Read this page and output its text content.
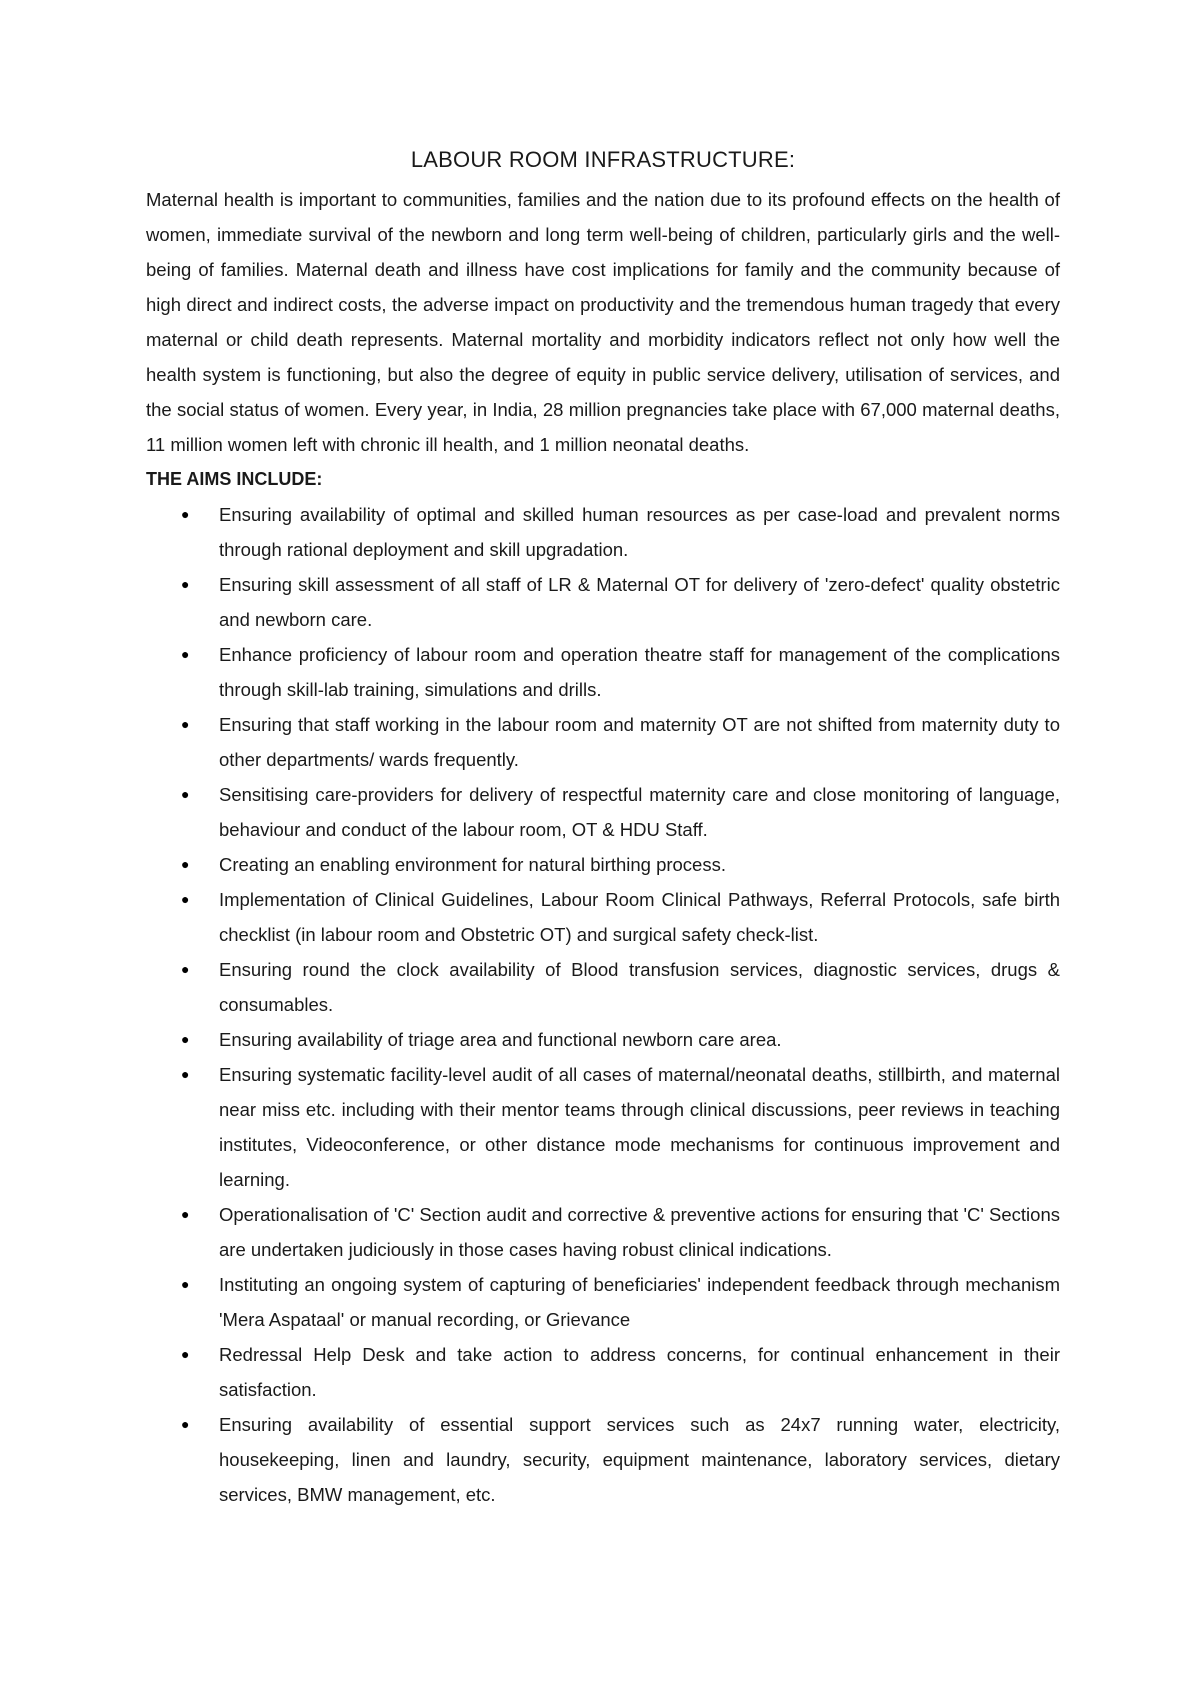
LABOUR ROOM INFRASTRUCTURE:

Maternal health is important to communities, families and the nation due to its profound effects on the health of women, immediate survival of the newborn and long term well-being of children, particularly girls and the well-being of families. Maternal death and illness have cost implications for family and the community because of high direct and indirect costs, the adverse impact on productivity and the tremendous human tragedy that every maternal or child death represents. Maternal mortality and morbidity indicators reflect not only how well the health system is functioning, but also the degree of equity in public service delivery, utilisation of services, and the social status of women. Every year, in India, 28 million pregnancies take place with 67,000 maternal deaths, 11 million women left with chronic ill health, and 1 million neonatal deaths.

THE AIMS INCLUDE:

● Ensuring availability of optimal and skilled human resources as per case-load and prevalent norms through rational deployment and skill upgradation.
● Ensuring skill assessment of all staff of LR & Maternal OT for delivery of 'zero-defect' quality obstetric and newborn care.
● Enhance proficiency of labour room and operation theatre staff for management of the complications through skill-lab training, simulations and drills.
● Ensuring that staff working in the labour room and maternity OT are not shifted from maternity duty to other departments/ wards frequently.
● Sensitising care-providers for delivery of respectful maternity care and close monitoring of language, behaviour and conduct of the labour room, OT & HDU Staff.
● Creating an enabling environment for natural birthing process.
● Implementation of Clinical Guidelines, Labour Room Clinical Pathways, Referral Protocols, safe birth checklist (in labour room and Obstetric OT) and surgical safety check-list.
● Ensuring round the clock availability of Blood transfusion services, diagnostic services, drugs & consumables.
● Ensuring availability of triage area and functional newborn care area.
● Ensuring systematic facility-level audit of all cases of maternal/neonatal deaths, stillbirth, and maternal near miss etc. including with their mentor teams through clinical discussions, peer reviews in teaching institutes, Videoconference, or other distance mode mechanisms for continuous improvement and learning.
● Operationalisation of 'C' Section audit and corrective & preventive actions for ensuring that 'C' Sections are undertaken judiciously in those cases having robust clinical indications.
● Instituting an ongoing system of capturing of beneficiaries' independent feedback through mechanism 'Mera Aspataal' or manual recording, or Grievance
● Redressal Help Desk and take action to address concerns, for continual enhancement in their satisfaction.
● Ensuring availability of essential support services such as 24x7 running water, electricity, housekeeping, linen and laundry, security, equipment maintenance, laboratory services, dietary services, BMW management, etc.
